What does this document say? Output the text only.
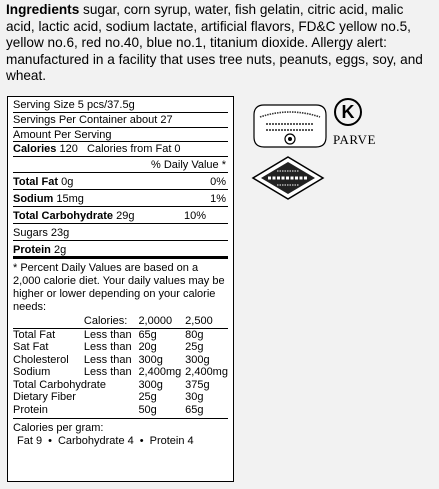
Ingredients sugar, corn syrup, water, fish gelatin, citric acid, malic acid, lactic acid, sodium lactate, artificial flavors, FD&C yellow no.5, yellow no.6, red no.40, blue no.1, titanium dioxide. Allergy alert: manufactured in a facility that uses tree nuts, peanuts, eggs, soy, and wheat.
Serving Size 5 pcs/37.5g
Servings Per Container about 27
Amount Per Serving
Calories 120 Calories from Fat 0
% Daily Value *
Total Fat 0g	0%
Sodium 15mg	1%
Total Carbohydrate 29g	10%
Sugars 23g
Protein 2g
* Percent Daily Values are based on a 2,000 calorie diet. Your daily values may be higher or lower depending on your calorie needs:
	Calories:	2,0000	2,500
Total Fat	Less than	65g	80g
Sat Fat	Less than	20g	25g
Cholesterol	Less than	300g	300g
Sodium	Less than	2,400mg	2,400mg
Total Carbohydrate		300g	375g
Dietary Fiber		25g	30g
Protein		50g	65g
Calories per gram:
Fat 9 • Carbohydrate 4 • Protein 4
K
PARVE
